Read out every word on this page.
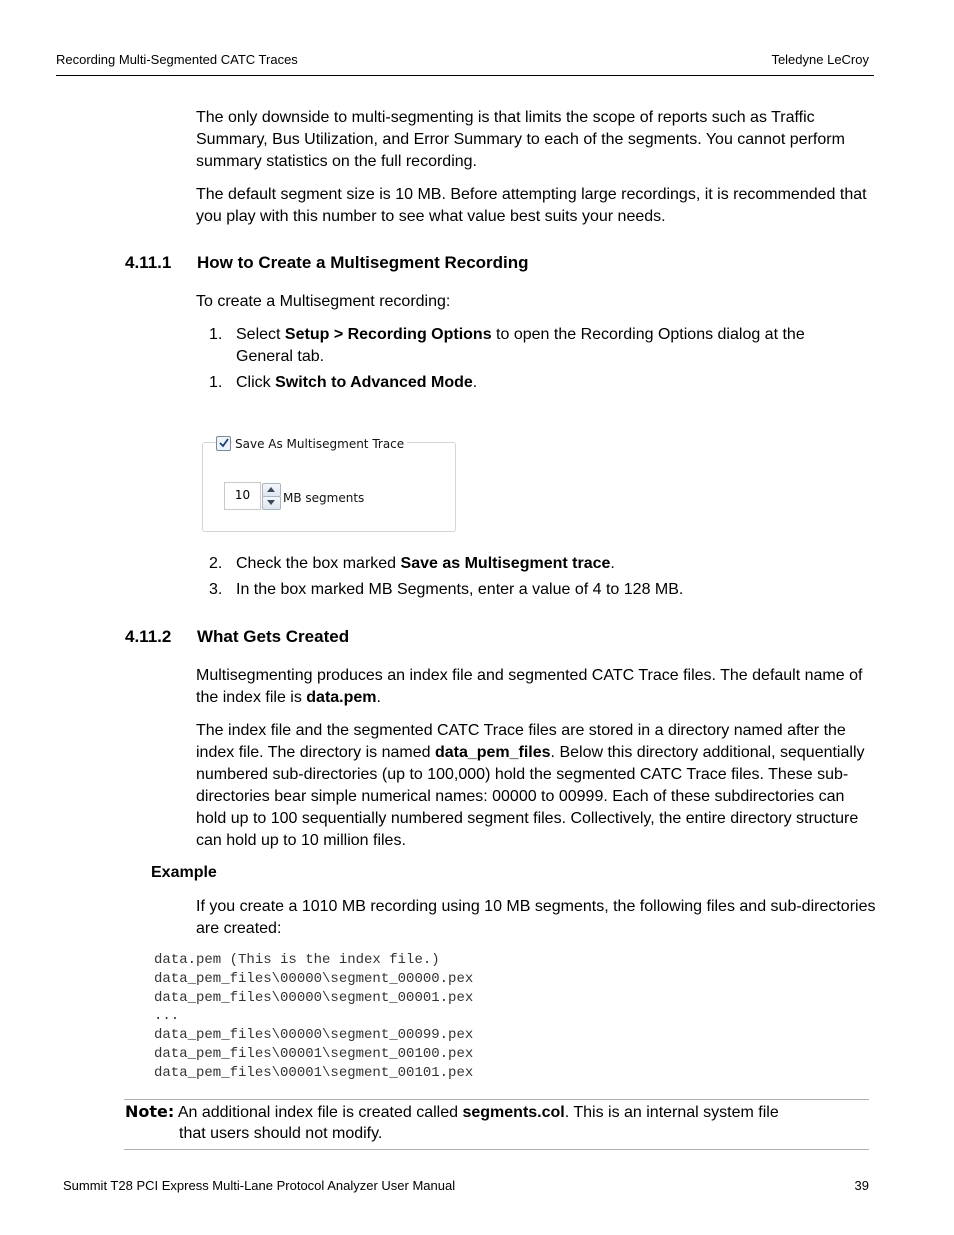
Recording Multi-Segmented CATC Traces	Teledyne LeCroy
The only downside to multi-segmenting is that limits the scope of reports such as Traffic Summary, Bus Utilization, and Error Summary to each of the segments. You cannot perform summary statistics on the full recording.
The default segment size is 10 MB. Before attempting large recordings, it is recommended that you play with this number to see what value best suits your needs.
4.11.1 How to Create a Multisegment Recording
To create a Multisegment recording:
1. Select Setup > Recording Options to open the Recording Options dialog at the General tab.
1. Click Switch to Advanced Mode.
Save As Multisegment Trace
10	MB segments
2. Check the box marked Save as Multisegment trace.
3. In the box marked MB Segments, enter a value of 4 to 128 MB.
4.11.2 What Gets Created
Multisegmenting produces an index file and segmented CATC Trace files. The default name of the index file is data.pem.
The index file and the segmented CATC Trace files are stored in a directory named after the index file. The directory is named data_pem_files. Below this directory additional, sequentially numbered sub-directories (up to 100,000) hold the segmented CATC Trace files. These sub-directories bear simple numerical names: 00000 to 00999. Each of these subdirectories can hold up to 100 sequentially numbered segment files. Collectively, the entire directory structure can hold up to 10 million files.
Example
If you create a 1010 MB recording using 10 MB segments, the following files and sub-directories are created:
data.pem (This is the index file.)
data_pem_files\00000\segment_00000.pex
data_pem_files\00000\segment_00001.pex
...
data_pem_files\00000\segment_00099.pex
data_pem_files\00001\segment_00100.pex
data_pem_files\00001\segment_00101.pex
Note: An additional index file is created called segments.col. This is an internal system file
that users should not modify.
Summit T28 PCI Express Multi-Lane Protocol Analyzer User Manual	39
